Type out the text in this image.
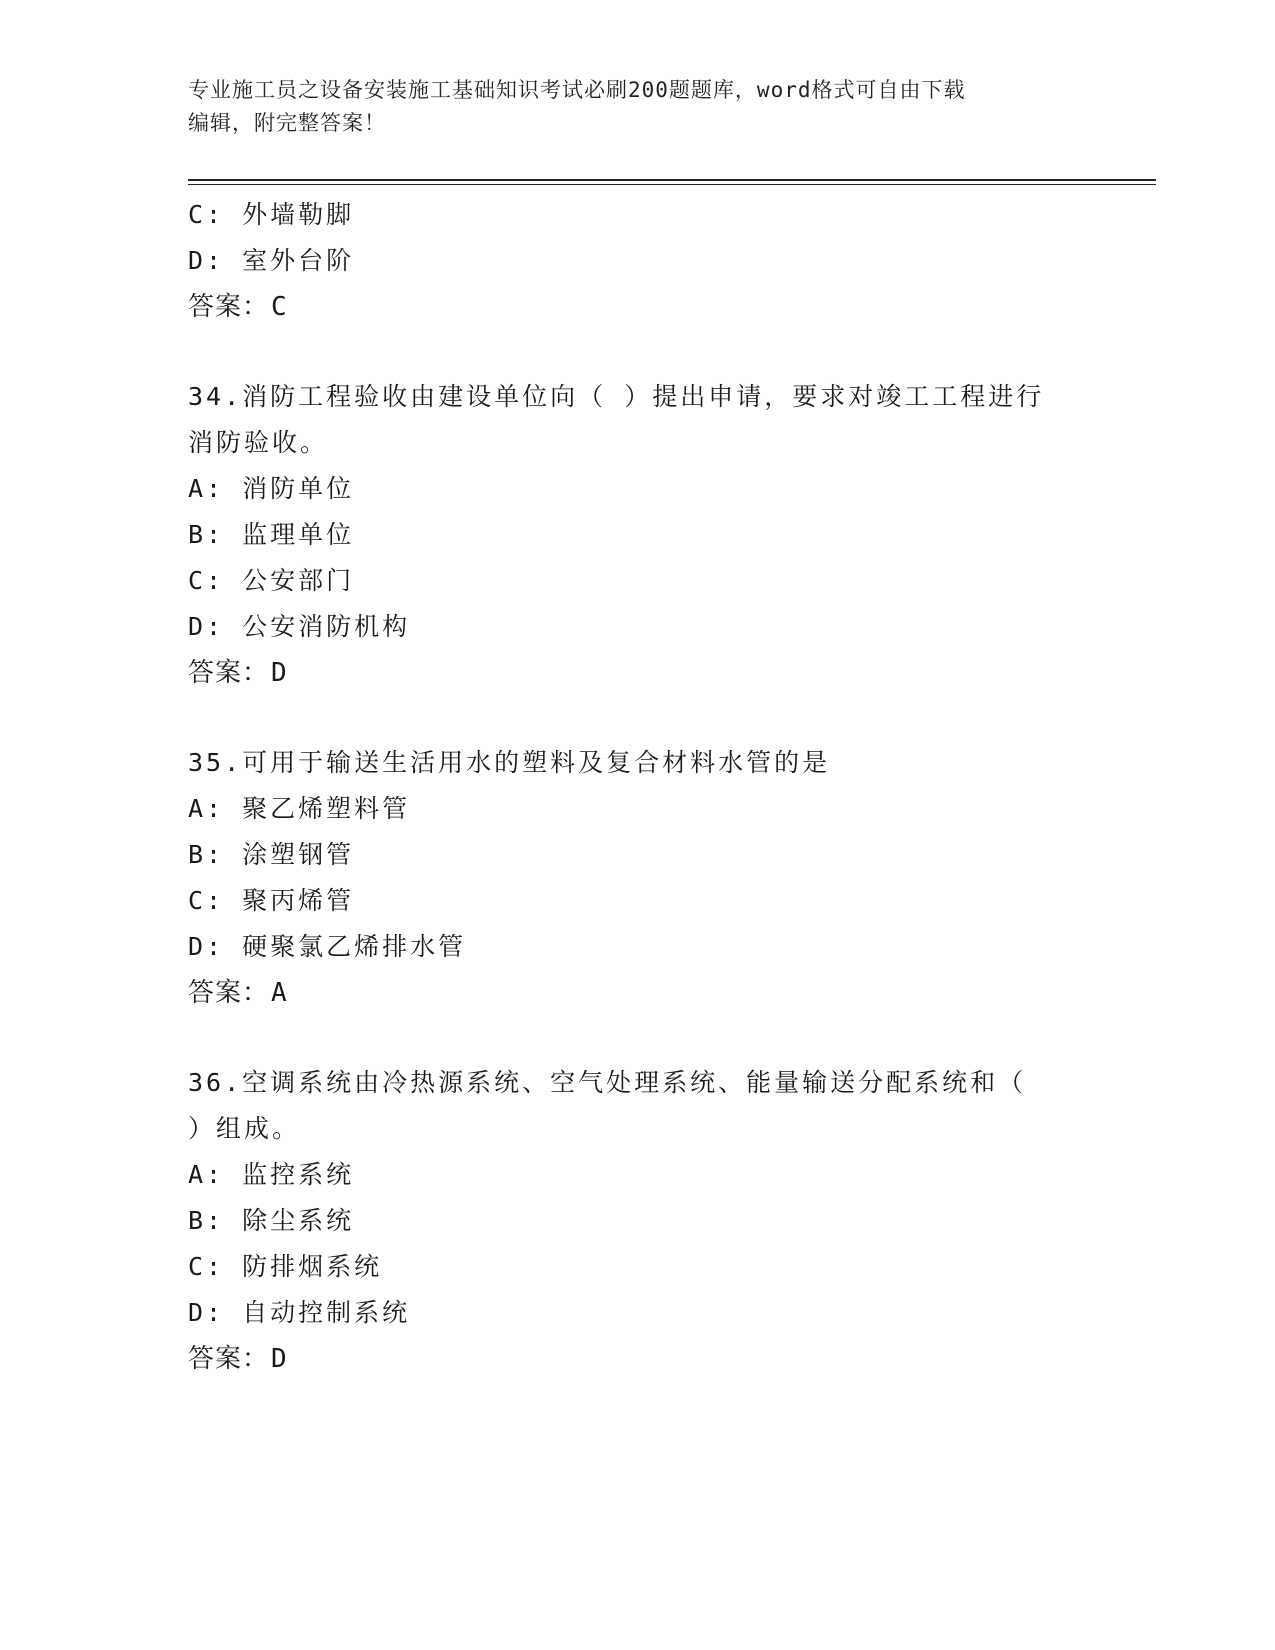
专业施工员之设备安装施工基础知识考试必刷200题题库，word格式可自由下载
编辑，附完整答案！
C: 外墙勒脚
D: 室外台阶
答案：C
34.消防工程验收由建设单位向（ ）提出申请，要求对竣工工程进行
消防验收。
A: 消防单位
B: 监理单位
C: 公安部门
D: 公安消防机构
答案：D
35.可用于输送生活用水的塑料及复合材料水管的是
A: 聚乙烯塑料管
B: 涂塑钢管
C: 聚丙烯管
D: 硬聚氯乙烯排水管
答案：A
36.空调系统由冷热源系统、空气处理系统、能量输送分配系统和（
）组成。
A: 监控系统
B: 除尘系统
C: 防排烟系统
D: 自动控制系统
答案：D
